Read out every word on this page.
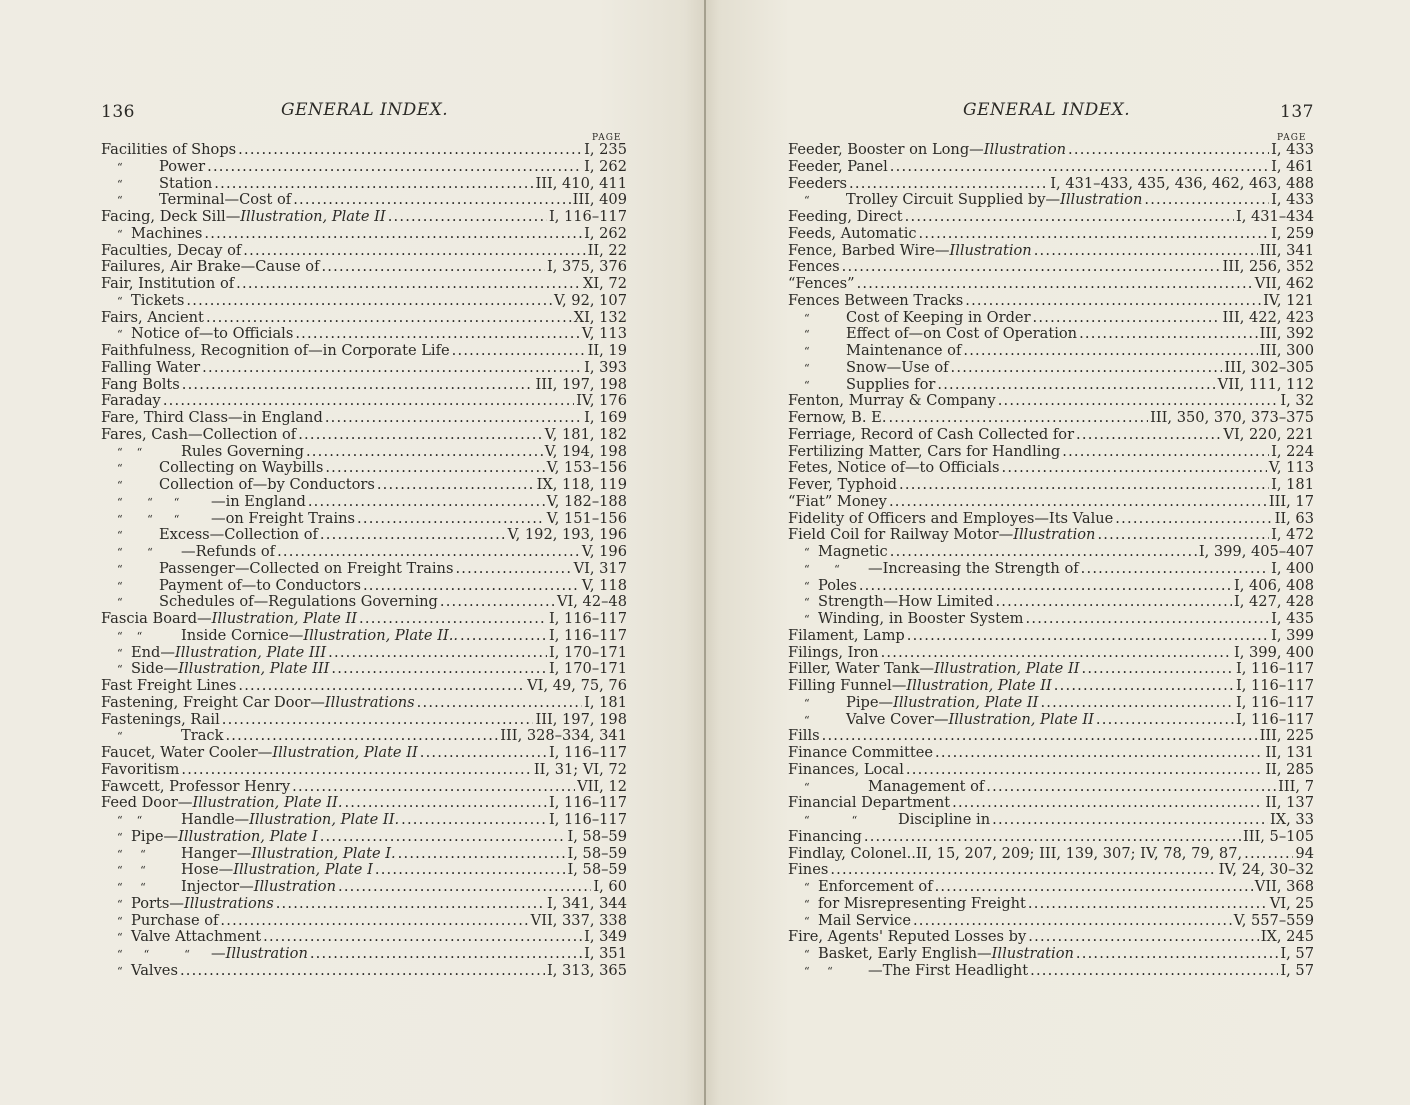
136	GENERAL INDEX.
PAGE
Facilities of Shops .....	I, 235
“	Power .....	I, 262
“	Station .....	III, 410, 411
“	Terminal—Cost of .....	III, 409
Facing, Deck Sill—Illustration, Plate II .....	I, 116–117
“ Machines .....	I, 262
Faculties, Decay of .....	II, 22
Failures, Air Brake—Cause of .....	I, 375, 376
Fair, Institution of .....	XI, 72
“ Tickets .....	V, 92, 107
Fairs, Ancient .....	XI, 132
“ Notice of—to Officials .....	V, 113
Faithfulness, Recognition of—in Corporate Life .....	II, 19
Falling Water .....	I, 393
Fang Bolts .....	III, 197, 198
Faraday .....	IV, 176
Fare, Third Class—in England .....	I, 169
Fares, Cash—Collection of .....	V, 181, 182
“    “	Rules Governing .....	V, 194, 198
“	Collecting on Waybills .....	V, 153–156
“	Collection of—by Conductors .....	IX, 118, 119
“       “      “	—in England .....	V, 182–188
“       “      “	—on Freight Trains .....	V, 151–156
“	Excess—Collection of .....	V, 192, 193, 196
“       “	—Refunds of .....	V, 196
“	Passenger—Collected on Freight Trains .....	VI, 317
“	Payment of—to Conductors .....	V, 118
“	Schedules of—Regulations Governing .....	VI, 42–48
Fascia Board—Illustration, Plate II .....	I, 116–117
“    “	Inside Cornice—Illustration, Plate II.. .....	I, 116–117
“ End—Illustration, Plate III .....	I, 170–171
“ Side—Illustration, Plate III .....	I, 170–171
Fast Freight Lines .....	VI, 49, 75, 76
Fastening, Freight Car Door—Illustrations .....	I, 181
Fastenings, Rail .....	III, 197, 198
“	Track .....	III, 328–334, 341
Faucet, Water Cooler—Illustration, Plate II .....	I, 116–117
Favoritism .....	II, 31; VI, 72
Fawcett, Professor Henry .....	VII, 12
Feed Door—Illustration, Plate II. .....	I, 116–117
“    “	Handle—Illustration, Plate II. .....	I, 116–117
“ Pipe—Illustration, Plate I .....	I, 58–59
“     “	Hanger—Illustration, Plate I. .....	I, 58–59
“     “	Hose—Illustration, Plate I .....	I, 58–59
“     “	Injector—Illustration .....	I, 60
“ Ports—Illustrations .....	I, 341, 344
“ Purchase of .....	VII, 337, 338
“ Valve Attachment .....	I, 349
“      “          “	—Illustration .....	I, 351
“ Valves .....	I, 313, 365
GENERAL INDEX.	137
PAGE
Feeder, Booster on Long—Illustration .....	I, 433
Feeder, Panel .....	I, 461
Feeders .....	I, 431–433, 435, 436, 462, 463, 488
“	Trolley Circuit Supplied by—Illustration .....	I, 433
Feeding, Direct .....	I, 431–434
Feeds, Automatic .....	I, 259
Fence, Barbed Wire—Illustration .....	III, 341
Fences .....	III, 256, 352
“Fences” .....	VII, 462
Fences Between Tracks .....	IV, 121
“	Cost of Keeping in Order .....	III, 422, 423
“	Effect of—on Cost of Operation .....	III, 392
“	Maintenance of .....	III, 300
“	Snow—Use of .....	III, 302–305
“	Supplies for .....	VII, 111, 112
Fenton, Murray & Company .....	I, 32
Fernow, B. E. .....	III, 350, 370, 373–375
Ferriage, Record of Cash Collected for .....	VI, 220, 221
Fertilizing Matter, Cars for Handling .....	I, 224
Fetes, Notice of—to Officials .....	V, 113
Fever, Typhoid .....	I, 181
“Fiat” Money .....	III, 17
Fidelity of Officers and Employes—Its Value .....	II, 63
Field Coil for Railway Motor—Illustration .....	I, 472
“ Magnetic .....	I, 399, 405–407
“       “	—Increasing the Strength of .....	I, 400
“ Poles .....	I, 406, 408
“ Strength—How Limited .....	I, 427, 428
“ Winding, in Booster System .....	I, 435
Filament, Lamp .....	I, 399
Filings, Iron .....	I, 399, 400
Filler, Water Tank—Illustration, Plate II .....	I, 116–117
Filling Funnel—Illustration, Plate II .....	I, 116–117
“	Pipe—Illustration, Plate II .....	I, 116–117
“	Valve Cover—Illustration, Plate II .....	I, 116–117
Fills .....	III, 225
Finance Committee .....	II, 131
Finances, Local .....	II, 285
“	Management of .....	III, 7
Financial Department .....	II, 137
“            “	Discipline in .....	IX, 33
Financing .....	III, 5–105
Findlay, Colonel..II, 15, 207, 209; III, 139, 307; IV, 78, 79, 87, .....	94
Fines .....	IV, 24, 30–32
“ Enforcement of .....	VII, 368
“ for Misrepresenting Freight .....	VI, 25
“ Mail Service .....	V, 557–559
Fire, Agents' Reputed Losses by .....	IX, 245
“ Basket, Early English—Illustration .....	I, 57
“     “	—The First Headlight .....	I, 57
